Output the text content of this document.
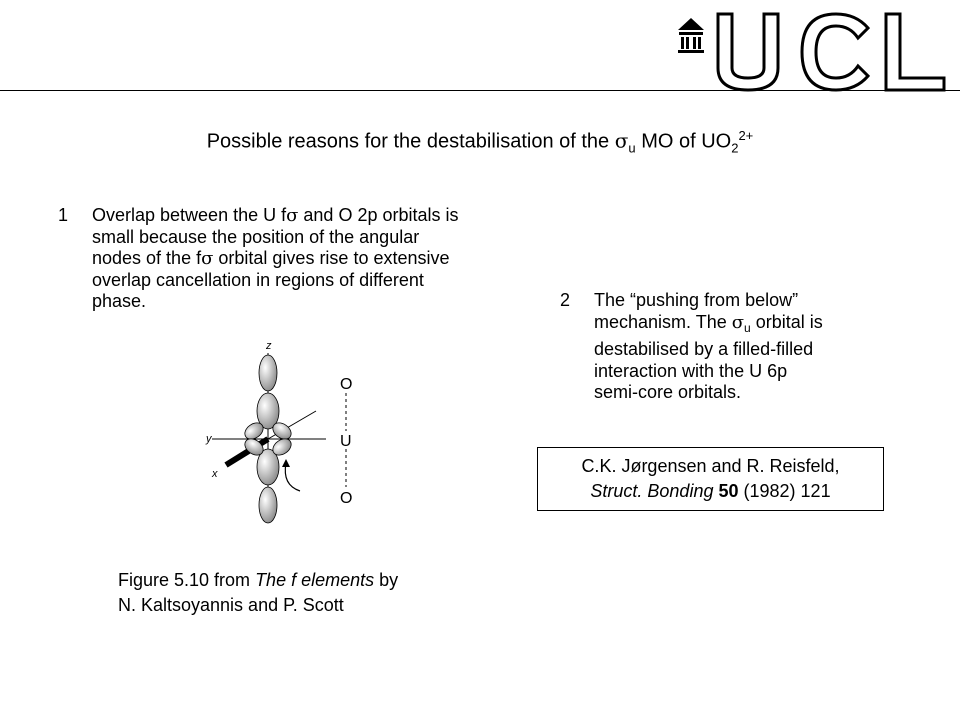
UCL
Possible reasons for the destabilisation of the $\sigma_u$ MO of $UO_2^{2+}$
1	Overlap between the U fσ and O 2p orbitals is
small because the position of the angular
nodes of the fσ orbital gives rise to extensive
overlap cancellation in regions of different
phase.	2	The “pushing from below”
mechanism. The $\sigma_u$ orbital is
destabilised by a filled-filled
interaction with the U 6p
semi-core orbitals.
C.K. Jørgensen and R. Reisfeld,
Struct. Bonding 50 (1982) 121
z
y
x
O
U
O
Figure 5.10 from The f elements by
N. Kaltsoyannis and P. Scott
